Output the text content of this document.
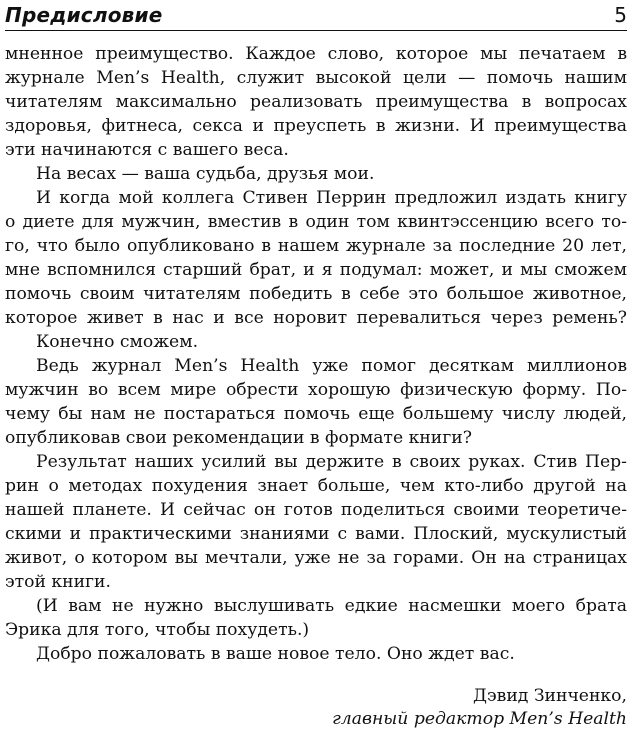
Предисловие	5
мненное преимущество. Каждое слово, которое мы печатаем в
журнале Men’s Health, служит высокой цели — помочь нашим
читателям максимально реализовать преимущества в вопросах
здоровья, фитнеса, секса и преуспеть в жизни. И преимущества
эти начинаются с вашего веса.
На весах — ваша судьба, друзья мои.
И когда мой коллега Стивен Перрин предложил издать книгу
о диете для мужчин, вместив в один том квинтэссенцию всего то-
го, что было опубликовано в нашем журнале за последние 20 лет,
мне вспомнился старший брат, и я подумал: может, и мы сможем
помочь своим читателям победить в себе это большое животное,
которое живет в нас и все норовит перевалиться через ремень?
Конечно сможем.
Ведь журнал Men’s Health уже помог десяткам миллионов
мужчин во всем мире обрести хорошую физическую форму. По-
чему бы нам не постараться помочь еще большему числу людей,
опубликовав свои рекомендации в формате книги?
Результат наших усилий вы держите в своих руках. Стив Пер-
рин о методах похудения знает больше, чем кто-либо другой на
нашей планете. И сейчас он готов поделиться своими теоретиче-
скими и практическими знаниями с вами. Плоский, мускулистый
живот, о котором вы мечтали, уже не за горами. Он на страницах
этой книги.
(И вам не нужно выслушивать едкие насмешки моего брата
Эрика для того, чтобы похудеть.)
Добро пожаловать в ваше новое тело. Оно ждет вас.
Дэвид Зинченко,
главный редактор Men’s Health
